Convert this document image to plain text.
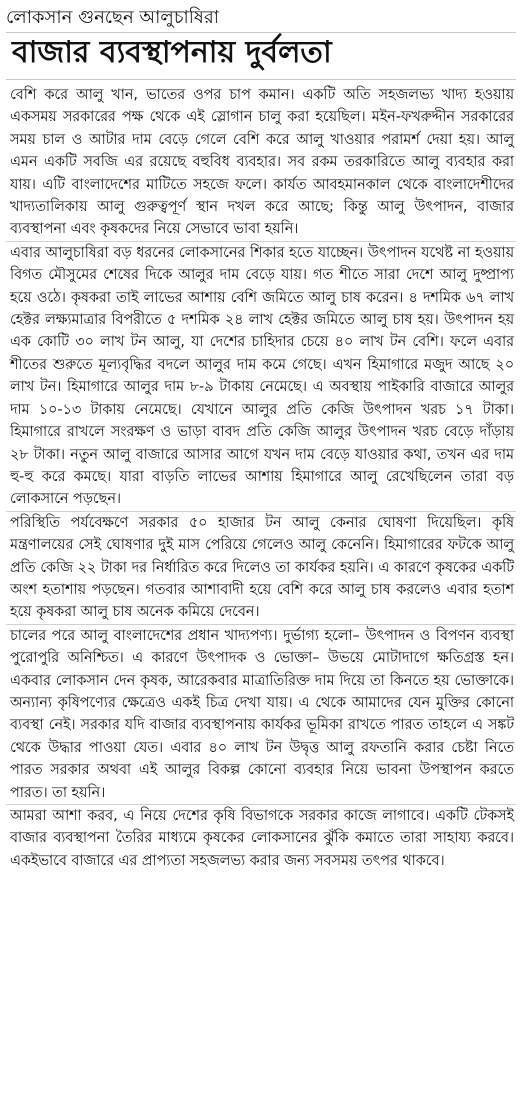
লোকসান গুনছেন আলুচাষিরা
বাজার ব্যবস্থাপনায় দুর্বলতা

বেশি করে আলু খান, ভাতের ওপর চাপ কমান। একটি অতি সহজলভ্য খাদ্য হওয়ায় একসময় সরকারের পক্ষ থেকে এই স্লোগান চালু করা হয়েছিল। মইন-ফখরুদ্দীন সরকারের সময় চাল ও আটার দাম বেড়ে গেলে বেশি করে আলু খাওয়ার পরামর্শ দেয়া হয়। আলু এমন একটি সবজি এর রয়েছে বহুবিধ ব্যবহার। সব রকম তরকারিতে আলু ব্যবহার করা যায়। এটি বাংলাদেশের মাটিতে সহজে ফলে। কার্যত আবহমানকাল থেকে বাংলাদেশীদের খাদ্যতালিকায় আলু গুরুত্বপূর্ণ স্থান দখল করে আছে; কিন্তু আলু উৎপাদন, বাজার ব্যবস্থাপনা এবং কৃষকদের নিয়ে সেভাবে ভাবা হয়নি।

এবার আলুচাষিরা বড় ধরনের লোকসানের শিকার হতে যাচ্ছেন। উৎপাদন যথেষ্ট না হওয়ায় বিগত মৌসুমের শেষের দিকে আলুর দাম বেড়ে যায়। গত শীতে সারা দেশে আলু দুষ্প্রাপ্য হয়ে ওঠে। কৃষকরা তাই লাভের আশায় বেশি জমিতে আলু চাষ করেন। ৪ দশমিক ৬৭ লাখ হেক্টর লক্ষ্যমাত্রার বিপরীতে ৫ দশমিক ২৪ লাখ হেক্টর জমিতে আলু চাষ হয়। উৎপাদন হয় এক কোটি ৩০ লাখ টন আলু, যা দেশের চাহিদার চেয়ে ৪০ লাখ টন বেশি। ফলে এবার শীতের শুরুতে মূল্যবৃদ্ধির বদলে আলুর দাম কমে গেছে। এখন হিমাগারে মজুদ আছে ২০ লাখ টন। হিমাগারে আলুর দাম ৮-৯ টাকায় নেমেছে। এ অবস্থায় পাইকারি বাজারে আলুর দাম ১০-১৩ টাকায় নেমেছে। যেখানে আলুর প্রতি কেজি উৎপাদন খরচ ১৭ টাকা। হিমাগারে রাখলে সংরক্ষণ ও ভাড়া বাবদ প্রতি কেজি আলুর উৎপাদন খরচ বেড়ে দাঁড়ায় ২৮ টাকা। নতুন আলু বাজারে আসার আগে যখন দাম বেড়ে যাওয়ার কথা, তখন এর দাম হু-হু করে কমছে। যারা বাড়তি লাভের আশায় হিমাগারে আলু রেখেছিলেন তারা বড় লোকসানে পড়ছেন।

পরিস্থিতি পর্যবেক্ষণে সরকার ৫০ হাজার টন আলু কেনার ঘোষণা দিয়েছিল। কৃষি মন্ত্রণালয়ের সেই ঘোষণার দুই মাস পেরিয়ে গেলেও আলু কেনেনি। হিমাগারের ফটকে আলু প্রতি কেজি ২২ টাকা দর নির্ধারিত করে দিলেও তা কার্যকর হয়নি। এ কারণে কৃষকের একটি অংশ হতাশায় পড়ছেন। গতবার আশাবাদী হয়ে বেশি করে আলু চাষ করলেও এবার হতাশ হয়ে কৃষকরা আলু চাষ অনেক কমিয়ে দেবেন।

চালের পরে আলু বাংলাদেশের প্রধান খাদ্যপণ্য। দুর্ভাগ্য হলো– উৎপাদন ও বিপণন ব্যবস্থা পুরোপুরি অনিশ্চিত। এ কারণে উৎপাদক ও ভোক্তা– উভয়ে মোটাদাগে ক্ষতিগ্রস্ত হন। একবার লোকসান দেন কৃষক, আরেকবার মাত্রাতিরিক্ত দাম দিয়ে তা কিনতে হয় ভোক্তাকে। অন্যান্য কৃষিপণ্যের ক্ষেত্রেও একই চিত্র দেখা যায়। এ থেকে আমাদের যেন মুক্তির কোনো ব্যবস্থা নেই। সরকার যদি বাজার ব্যবস্থাপনায় কার্যকর ভূমিকা রাখতে পারত তাহলে এ সঙ্কট থেকে উদ্ধার পাওয়া যেত। এবার ৪০ লাখ টন উদ্বৃত্ত আলু রফতানি করার চেষ্টা নিতে পারত সরকার অথবা এই আলুর বিকল্প কোনো ব্যবহার নিয়ে ভাবনা উপস্থাপন করতে পারত। তা হয়নি।

আমরা আশা করব, এ নিয়ে দেশের কৃষি বিভাগকে সরকার কাজে লাগাবে। একটি টেকসই বাজার ব্যবস্থাপনা তৈরির মাধ্যমে কৃষকের লোকসানের ঝুঁকি কমাতে তারা সাহায্য করবে। একইভাবে বাজারে এর প্রাপ্যতা সহজলভ্য করার জন্য সবসময় তৎপর থাকবে।
